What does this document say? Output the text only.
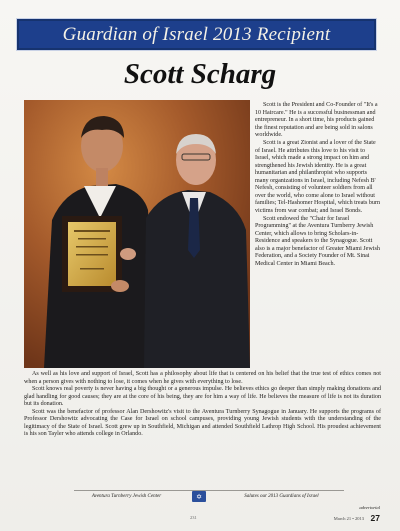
Guardian of Israel 2013 Recipient
Scott Scharg

Scott is the President and Co-Founder of "It's a 10 Haircare." He is a successful businessman and entrepreneur. In a short time, his products gained the finest reputation and are being sold in salons worldwide.

Scott is a great Zionist and a lover of the State of Israel. He attributes this love to his visit to Israel, which made a strong impact on him and strengthened his Jewish identity. He is a great humanitarian and philanthropist who supports many organizations in Israel, including Nefesh B' Nefesh, consisting of volunteer soldiers from all over the world, who come alone to Israel without families; Tel-Hashomer Hospital, which treats burn victims from war combat; and Israel Bonds.

Scott endowed the "Chair for Israel Programming" at the Aventura Turnberry Jewish Center, which allows to bring Scholars-in-Residence and speakers to the Synagogue. Scott also is a major benefactor of Greater Miami Jewish Federation, and a Society Founder of Mt. Sinai Medical Center in Miami Beach.

As well as his love and support of Israel, Scott has a philosophy about life that is centered on his belief that the true test of ethics comes not when a person gives with nothing to lose, it comes when he gives with everything to lose.

Scott knows real poverty is never having a big thought or a generous impulse. He believes ethics go deeper than simply making donations and glad handling for good causes; they are at the core of his being, they are for him a way of life. He believes the measure of life is not its duration but its donation.

Scott was the benefactor of professor Alan Dershowitz's visit to the Aventura Turnberry Synagogue in January. He supports the programs of Professor Dershowitz advocating the Case for Israel on school campuses, providing young Jewish students with the understanding of the legitimacy of the State of Israel. Scott grew up in Southfield, Michigan and attended Southfield Lathrop High School. His proudest achievement is his son Tayler who attends college in Orlando.

Aventura Turnberry Jewish Center	✡	Salutes our 2013 Guardians of Israel
advertorial
231	March 21 • 2013 27
